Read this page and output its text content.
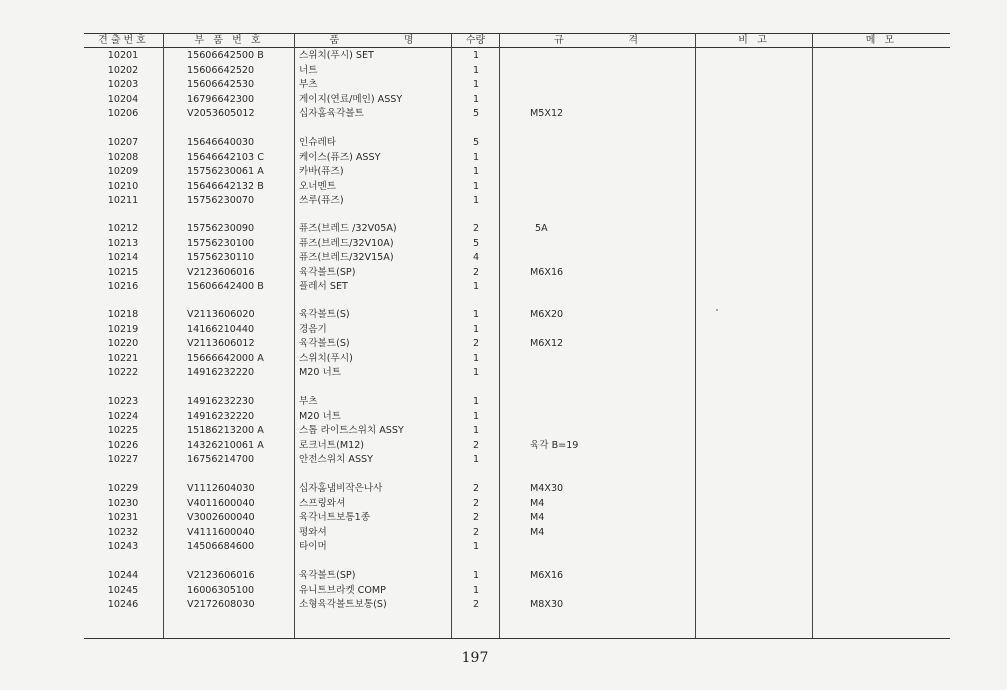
견출번호	부 품 번 호	품          명	수량	규          격	비 고	메 모
10201	15606642500 B	스위치(푸시) SET	1
10202	15606642520	너트	1
10203	15606642530	부츠	1
10204	16796642300	게이지(연료/메인) ASSY	1
10206	V2053605012	십자홈육각볼트	5	M5X12
10207	15646640030	인슈레타	5
10208	15646642103 C	케이스(퓨즈) ASSY	1
10209	15756230061 A	카바(퓨즈)	1
10210	15646642132 B	오너멘트	1
10211	15756230070	쓰루(퓨즈)	1
10212	15756230090	퓨즈(브레드 /32V05A)	2	5A
10213	15756230100	퓨즈(브레드/32V10A)	5
10214	15756230110	퓨즈(브레드/32V15A)	4
10215	V2123606016	육각볼트(SP)	2	M6X16
10216	15606642400 B	플레서 SET	1
10218	V2113606020	육각볼트(S)	1	M6X20
10219	14166210440	경음기	1
10220	V2113606012	육각볼트(S)	2	M6X12
10221	15666642000 A	스위치(푸시)	1
10222	14916232220	M20 너트	1
10223	14916232230	부츠	1
10224	14916232220	M20 너트	1
10225	15186213200 A	스톱 라이트스위치 ASSY	1
10226	14326210061 A	로크너트(M12)	2	육각 B=19
10227	16756214700	안전스위치 ASSY	1
10229	V1112604030	십자홈냄비작은나사	2	M4X30
10230	V4011600040	스프링와셔	2	M4
10231	V3002600040	육각너트보통1종	2	M4
10232	V4111600040	평와셔	2	M4
10243	14506684600	타이머	1
10244	V2123606016	육각볼트(SP)	1	M6X16
10245	16006305100	유니트브라켓 COMP	1
10246	V2172608030	소형육각볼트보통(S)	2	M8X30
197
